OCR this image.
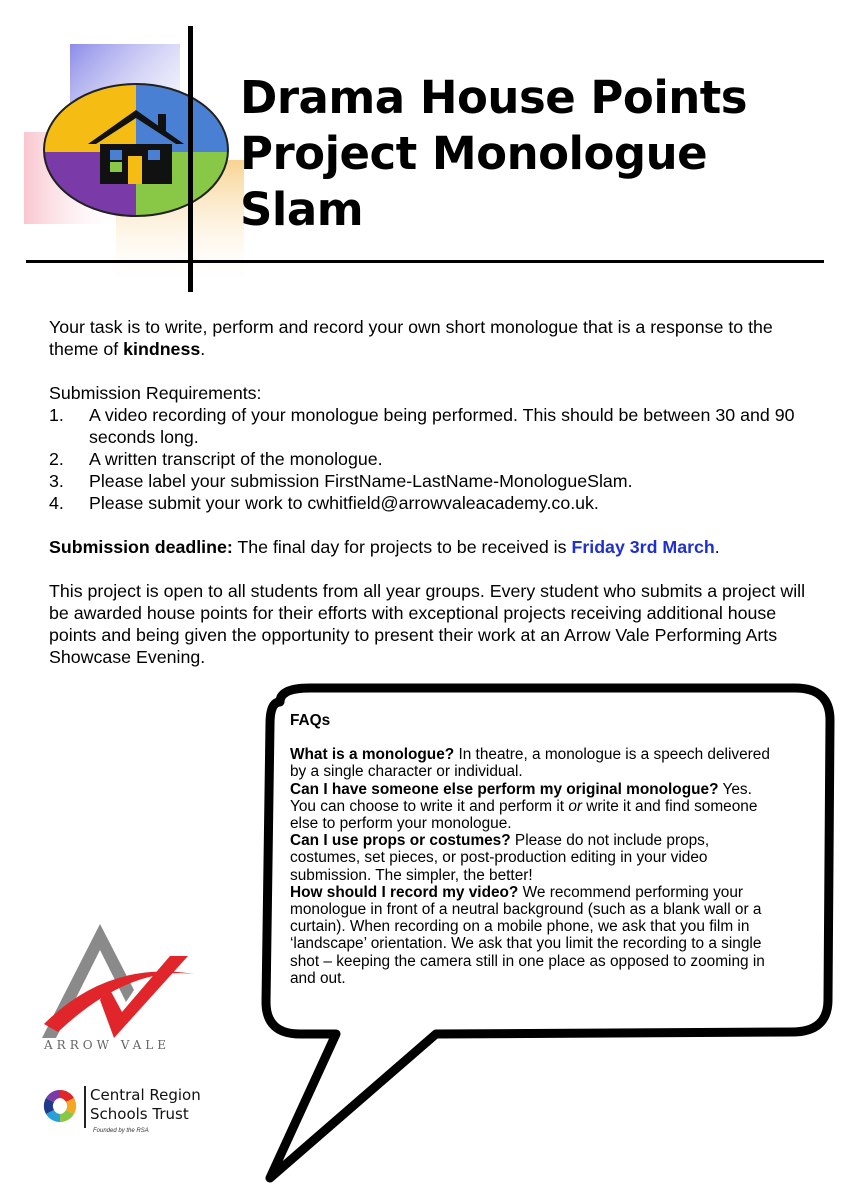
Drama House Points
Project Monologue
Slam

Your task is to write, perform and record your own short monologue that is a response to the theme of kindness.

Submission Requirements:

1. A video recording of your monologue being performed. This should be between 30 and 90 seconds long.
2. A written transcript of the monologue.
3. Please label your submission FirstName-LastName-MonologueSlam.
4. Please submit your work to cwhitfield@arrowvaleacademy.co.uk.

Submission deadline: The final day for projects to be received is Friday 3rd March.

This project is open to all students from all year groups. Every student who submits a project will be awarded house points for their efforts with exceptional projects receiving additional house points and being given the opportunity to present their work at an Arrow Vale Performing Arts Showcase Evening.

FAQs
What is a monologue? In theatre, a monologue is a speech delivered by a single character or individual.
Can I have someone else perform my original monologue? Yes. You can choose to write it and perform it or write it and find someone else to perform your monologue.
Can I use props or costumes? Please do not include props, costumes, set pieces, or post-production editing in your video submission. The simpler, the better!
How should I record my video? We recommend performing your monologue in front of a neutral background (such as a blank wall or a curtain). When recording on a mobile phone, we ask that you film in ‘landscape’ orientation. We ask that you limit the recording to a single shot – keeping the camera still in one place as opposed to zooming in and out.
ARROW VALE
Central Region
Schools Trust
Founded by the RSA
